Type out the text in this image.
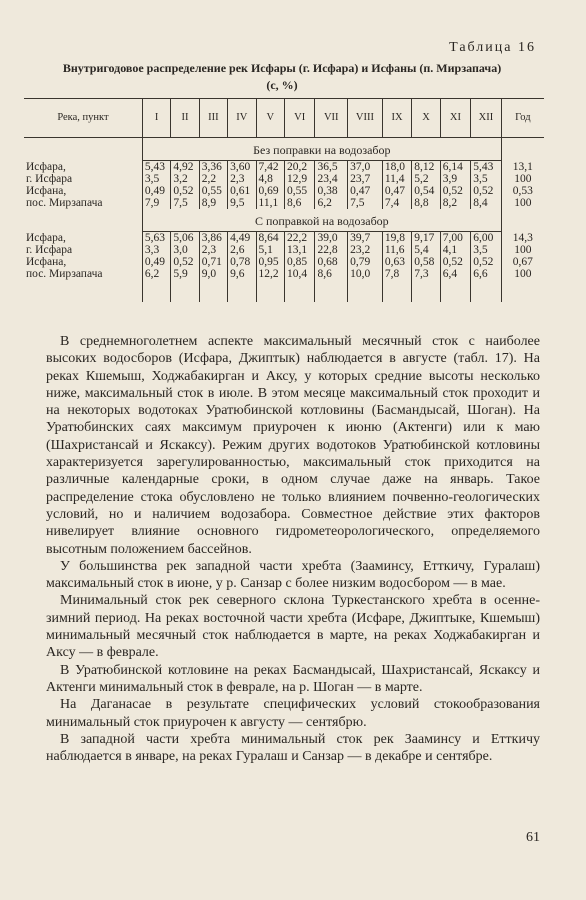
Таблица 16
Внутригодовое распределение рек Исфары (г. Исфара) и Исфаны (п. Мирзапача)
(с, %)
Река, пункт	I	II	III	IV	V	VI	VII	VIII	IX	X	XI	XII	Год
	Без поправки на водозабор												
Исфара,	5,43	4,92	3,36	3,60	7,42	20,2	36,5	37,0	18,0	8,12	6,14	5,43	13,1
г. Исфара	3,5	3,2	2,2	2,3	4,8	12,9	23,4	23,7	11,4	5,2	3,9	3,5	100
Исфана,	0,49	0,52	0,55	0,61	0,69	0,55	0,38	0,47	0,47	0,54	0,52	0,52	0,53
пос. Мирзапача	7,9	7,5	8,9	9,5	11,1	8,6	6,2	7,5	7,4	8,8	8,2	8,4	100
	С поправкой на водозабор												
Исфара,	5,63	5,06	3,86	4,49	8,64	22,2	39,0	39,7	19,8	9,17	7,00	6,00	14,3
г. Исфара	3,3	3,0	2,3	2,6	5,1	13,1	22,8	23,2	11,6	5,4	4,1	3,5	100
Исфана,	0,49	0,52	0,71	0,78	0,95	0,85	0,68	0,79	0,63	0,58	0,52	0,52	0,67
пос. Мирзапача	6,2	5,9	9,0	9,6	12,2	10,4	8,6	10,0	7,8	7,3	6,4	6,6	100

В среднемноголетнем аспекте максимальный месячный сток с наиболее высоких водосборов (Исфара, Джиптык) наблюдается в августе (табл. 17). На реках Кшемыш, Ходжабакирган и Аксу, у которых средние высоты несколько ниже, максимальный сток в июле. В этом месяце максимальный сток проходит и на некоторых водотоках Уратюбинской котловины (Басмандысай, Шоган). На Уратюбинских саях максимум приурочен к июню (Актенги) или к маю (Шахристансай и Яскаксу). Режим других водотоков Уратюбинской котловины характеризуется зарегулированностью, максимальный сток приходится на различные календарные сроки, в одном случае даже на январь. Такое распределение стока обусловлено не только влиянием почвенно-геологических условий, но и наличием водозабора. Совместное действие этих факторов нивелирует влияние основного гидрометеорологического, определяемого высотным положением бассейнов.

У большинства рек западной части хребта (Зааминсу, Етткичу, Гуралаш) максимальный сток в июне, у р. Санзар с более низким водосбором — в мае.

Минимальный сток рек северного склона Туркестанского хребта в осенне-зимний период. На реках восточной части хребта (Исфаре, Джиптыке, Кшемыш) минимальный месячный сток наблюдается в марте, на реках Ходжабакирган и Аксу — в феврале.

В Уратюбинской котловине на реках Басмандысай, Шахристансай, Яскаксу и Актенги минимальный сток в феврале, на р. Шоган — в марте.

На Даганасае в результате специфических условий стокообразования минимальный сток приурочен к августу — сентябрю.

В западной части хребта минимальный сток рек Зааминсу и Етткичу наблюдается в январе, на реках Гуралаш и Санзар — в декабре и сентябре.

61
